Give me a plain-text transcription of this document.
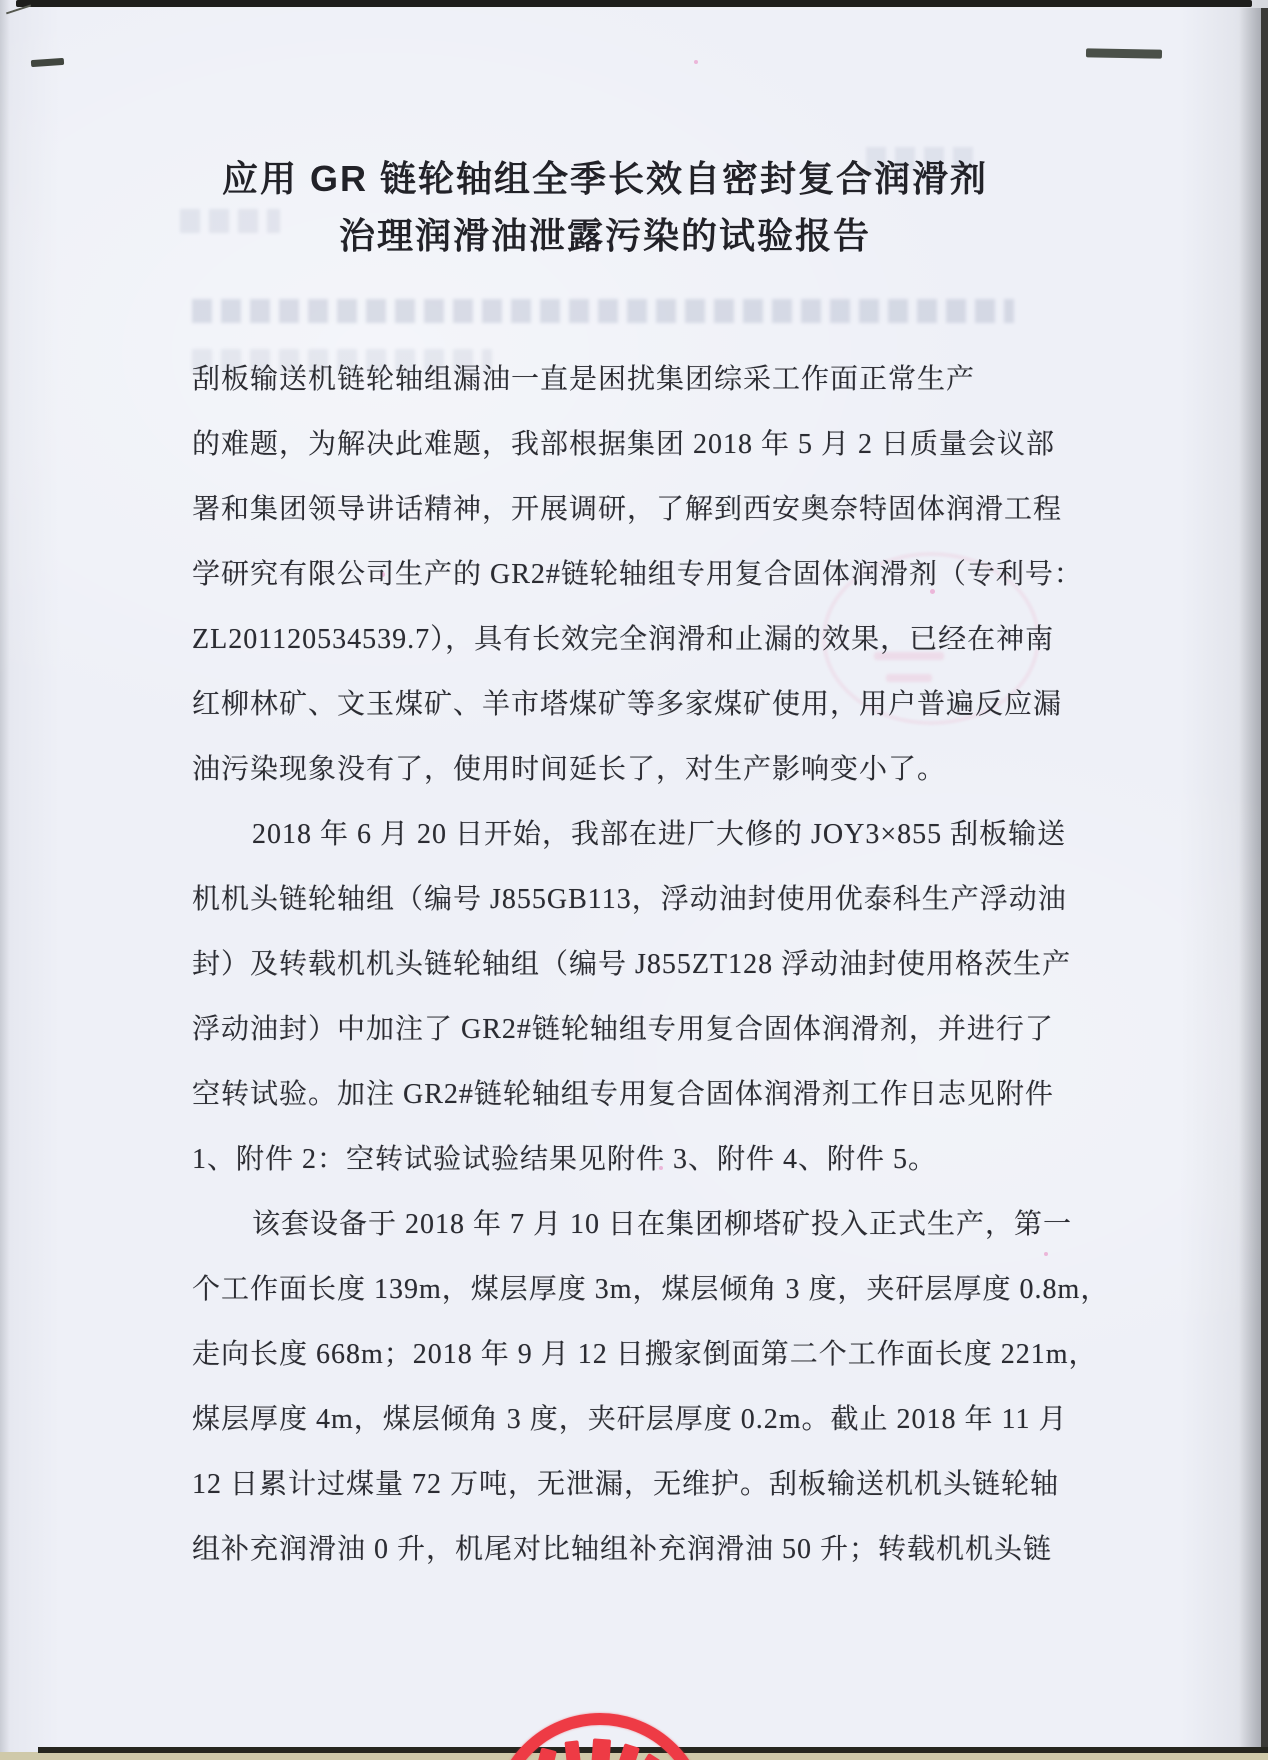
应用 GR 链轮轴组全季长效自密封复合润滑剂
治理润滑油泄露污染的试验报告
刮板输送机链轮轴组漏油一直是困扰集团综采工作面正常生产
的难题，为解决此难题，我部根据集团 2018 年 5 月 2 日质量会议部
署和集团领导讲话精神，开展调研，了解到西安奥奈特固体润滑工程
学研究有限公司生产的 GR2#链轮轴组专用复合固体润滑剂（专利号：
ZL201120534539.7），具有长效完全润滑和止漏的效果，已经在神南
红柳林矿、文玉煤矿、羊市塔煤矿等多家煤矿使用，用户普遍反应漏
油污染现象没有了，使用时间延长了，对生产影响变小了。
2018 年 6 月 20 日开始，我部在进厂大修的 JOY3×855 刮板输送
机机头链轮轴组（编号 J855GB113，浮动油封使用优泰科生产浮动油
封）及转载机机头链轮轴组（编号 J855ZT128 浮动油封使用格茨生产
浮动油封）中加注了 GR2#链轮轴组专用复合固体润滑剂，并进行了
空转试验。加注 GR2#链轮轴组专用复合固体润滑剂工作日志见附件
1、附件 2：空转试验试验结果见附件 3、附件 4、附件 5。
该套设备于 2018 年 7 月 10 日在集团柳塔矿投入正式生产，第一
个工作面长度 139m，煤层厚度 3m，煤层倾角 3 度，夹矸层厚度 0.8m，
走向长度 668m；2018 年 9 月 12 日搬家倒面第二个工作面长度 221m，
煤层厚度 4m，煤层倾角 3 度，夹矸层厚度 0.2m。截止 2018 年 11 月
12 日累计过煤量 72 万吨，无泄漏，无维护。刮板输送机机头链轮轴
组补充润滑油 0 升，机尾对比轴组补充润滑油 50 升；转载机机头链
